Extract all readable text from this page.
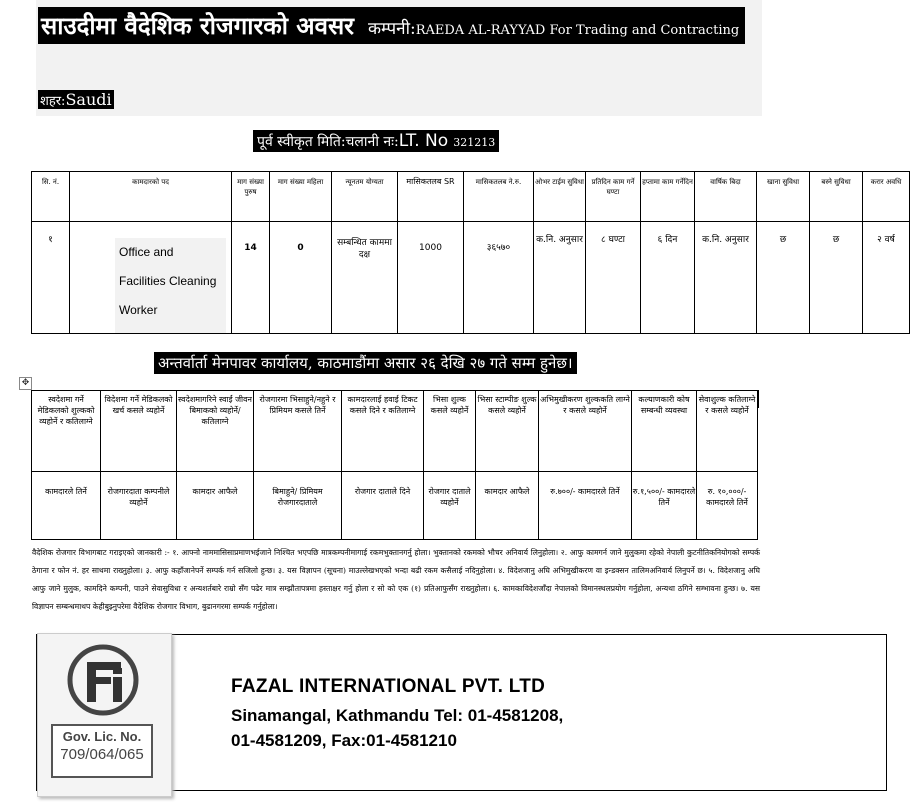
साउदीमा वैदेशिक रोजगारको अवसर कम्पनी:RAEDA AL-RAYYAD For Trading and Contracting
शहर:Saudi
पूर्व स्वीकृत मिति:चलानी नः:LT. No 321213
सि. नं.	कामदारको पद	माग संख्या पुरुष	माग संख्या महिला	न्यूनतम योग्यता	मासिकतलब SR	मासिकतलब ने.रु.	ओभर टाईम सुविधा	प्रतिदिन काम गर्ने घण्टा	हप्तामा काम गर्नेदिन	वार्षिक बिदा	खाना सुविधा	बस्ने सुविधा	करार अवधि
१	Office and
Facilities Cleaning
Worker	14	0	सम्बन्धित काममा दक्ष	1000	३६५७०	क.नि. अनुसार	८ घण्टा	६ दिन	क.नि. अनुसार	छ	छ	२ वर्ष
अन्तर्वार्ता मेनपावर कार्यालय, काठमाडौंमा असार २६ देखि २७ गते सम्म हुनेछ।
✥
स्वदेशमा गर्ने मेडिकलको शुल्कको व्यहोर्ने र कतिलाग्ने	विदेशमा गर्ने मेडिकलको खर्च कसले व्यहोर्ने	स्वदेशमागरिने स्वाईं जीवन बिमाकको व्यहोर्ने/कतिलाग्ने	रोजगारमा भिसाहुने/नहुने र प्रिमियम कसले तिर्ने	कामदारलाई हवाई टिकट कसले दिने र कतिलाग्ने	भिसा शुल्क कसले व्यहोर्ने	भिसा स्टाम्पीङ शुल्क कसले व्यहोर्ने	अभिमुखीकरण शुल्ककति लाग्ने र कसले व्यहोर्ने	कल्याणकारी कोष सम्बन्धी व्यवस्था	सेवाशुल्क कतिलाग्ने र कसले व्यहोर्ने
कामदारले तिर्ने	रोजगारदाता कम्पनीले व्यहोर्ने	कामदार आफैले	बिमाहुने/ प्रिमियम रोजगारदाताले	रोजगार दाताले दिने	रोजगार दाताले व्यहोर्ने	कामदार आफैले	रु.७००/- कामदारले तिर्ने	रु.१,५००/- कामदारले तिर्ने	रु. १०,०००/- कामदारले तिर्ने
वैदेशिक रोजगार विभागबाट गराइएको जानकारी :- १. आफ्नो नाममासिसाप्रमाणभईजाने निश्चित भएपछि मात्रकम्पनीमागाई रकमभुक्तानगर्नु होला। भुक्तानको रकमको भौचर अनिवार्य लिनुहोला। २. आफु कामगर्न जाने मुलुकमा रहेको नेपाली कुटनीतिकनियोगको सम्पर्क ठेगाना र फोन नं. हर साथमा राख्नुहोला। ३. आफु कहाँजानेपर्ने सम्पर्क गर्न सजिलो हुन्छ। ३. यस विज्ञापन (सूचना) माउल्लेखभएको भन्दा बढी रकम कसैलाई नदिनुहोला। ४. विदेशजानु अघि अभिमुखीकरण वा इन्डक्सन तालिमअनिवार्य लिनुपर्ने छ। ५. विदेशजानु अघि आफु जाने मुलुक, कामदिने कम्पनी, पाउने सेवासुविधा र अन्यशर्तबारे राम्रो सँग पढेर मात्र सम्झौतापत्रमा हस्ताक्षर गर्नु होला र सो को एक (१) प्रतिआफुसँग राख्नुहोला। ६. कामकाविदेशजाँदा नेपालको विमानस्थलप्रयोग गर्नुहोला, अन्यथा ठगिने सम्भावना हुन्छ। ७. यस विज्ञापन सम्बन्धमाथप केहीबुझ्नुपरेमा वैदेशिक रोजगार विभाग, बुढानगरमा सम्पर्क गर्नुहोला।
Gov. Lic. No.
709/064/065
FAZAL INTERNATIONAL PVT. LTD
Sinamangal, Kathmandu Tel: 01-4581208,
01-4581209, Fax:01-4581210
